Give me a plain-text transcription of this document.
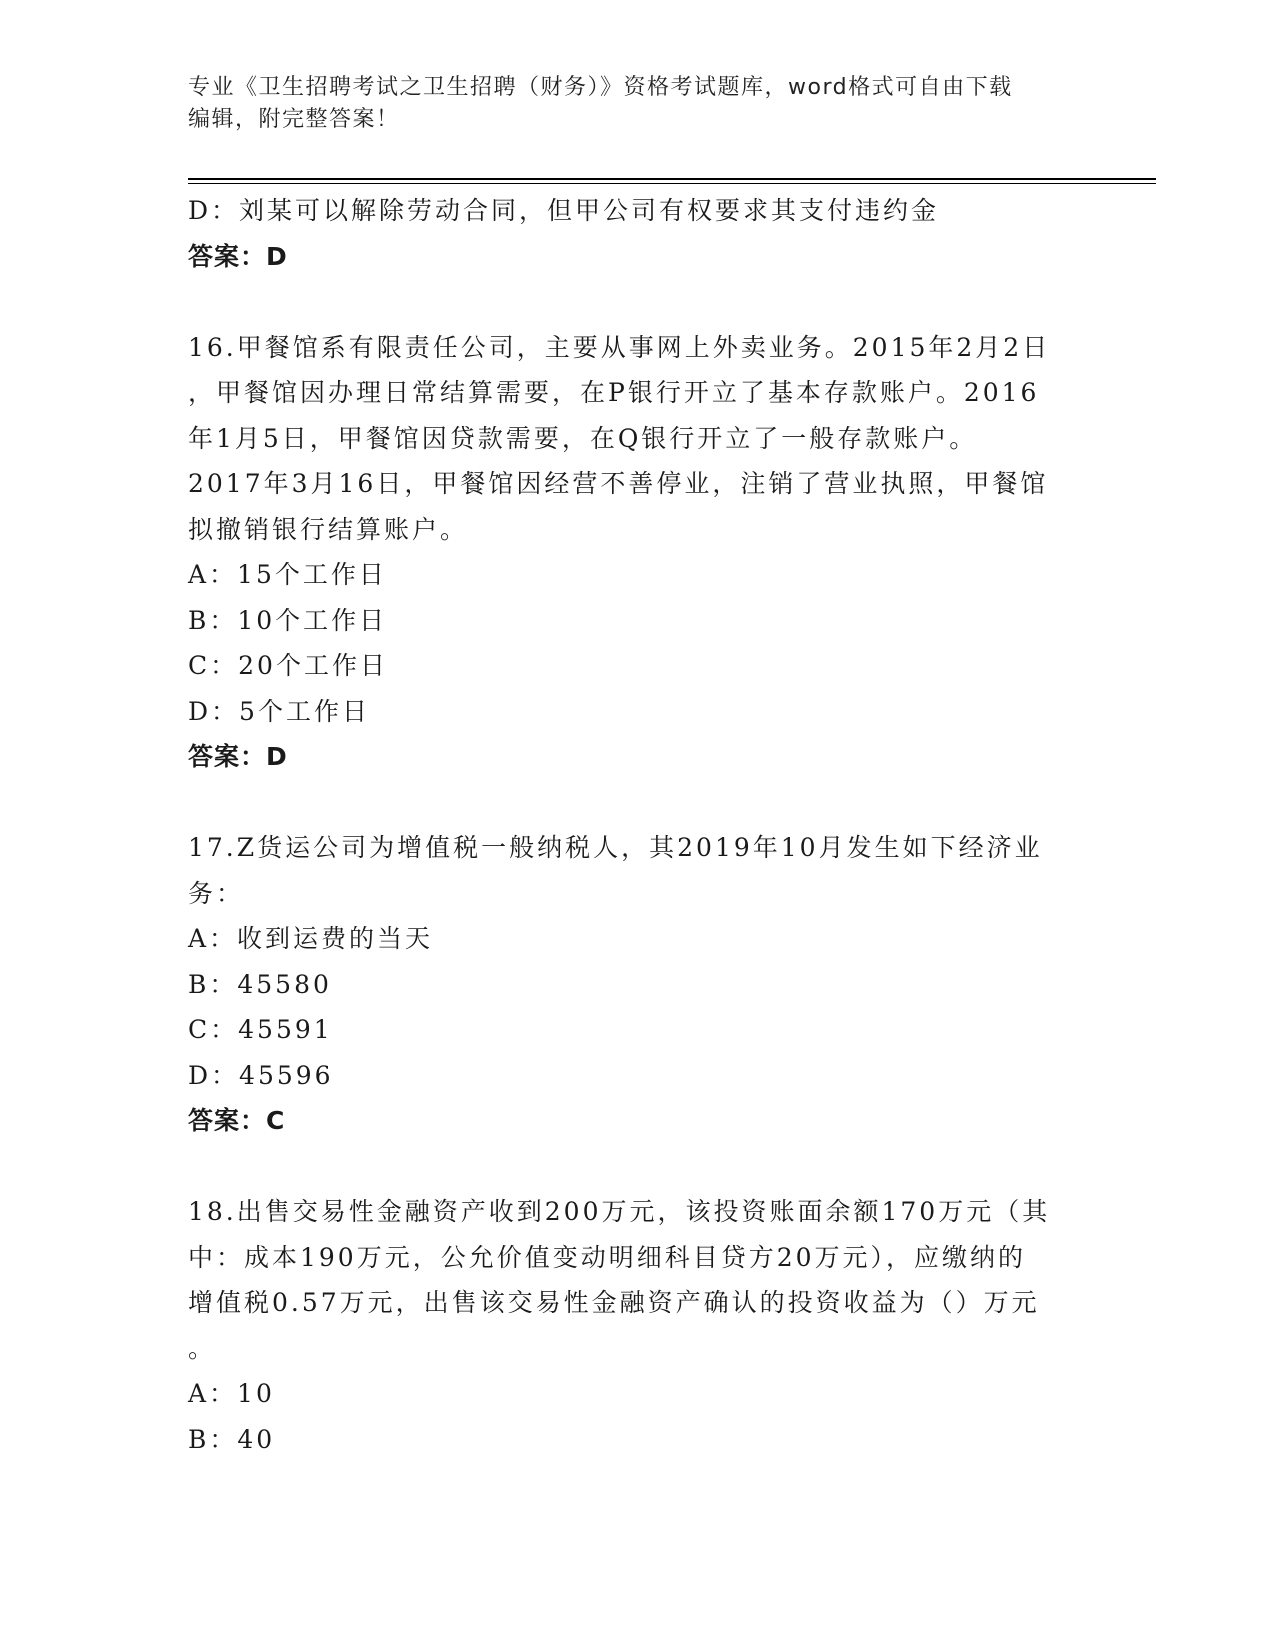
专业《卫生招聘考试之卫生招聘（财务）》资格考试题库，word格式可自由下载
编辑，附完整答案！
D：刘某可以解除劳动合同，但甲公司有权要求其支付违约金
答案：D
16.甲餐馆系有限责任公司，主要从事网上外卖业务。2015年2月2日
，甲餐馆因办理日常结算需要，在P银行开立了基本存款账户。2016
年1月5日，甲餐馆因贷款需要，在Q银行开立了一般存款账户。
2017年3月16日，甲餐馆因经营不善停业，注销了营业执照，甲餐馆
拟撤销银行结算账户。
A：15个工作日
B：10个工作日
C：20个工作日
D：5个工作日
答案：D
17.Z货运公司为增值税一般纳税人，其2019年10月发生如下经济业
务：
A：收到运费的当天
B：45580
C：45591
D：45596
答案：C
18.出售交易性金融资产收到200万元，该投资账面余额170万元（其
中：成本190万元，公允价值变动明细科目贷方20万元），应缴纳的
增值税0.57万元，出售该交易性金融资产确认的投资收益为（）万元
。
A：10
B：40
